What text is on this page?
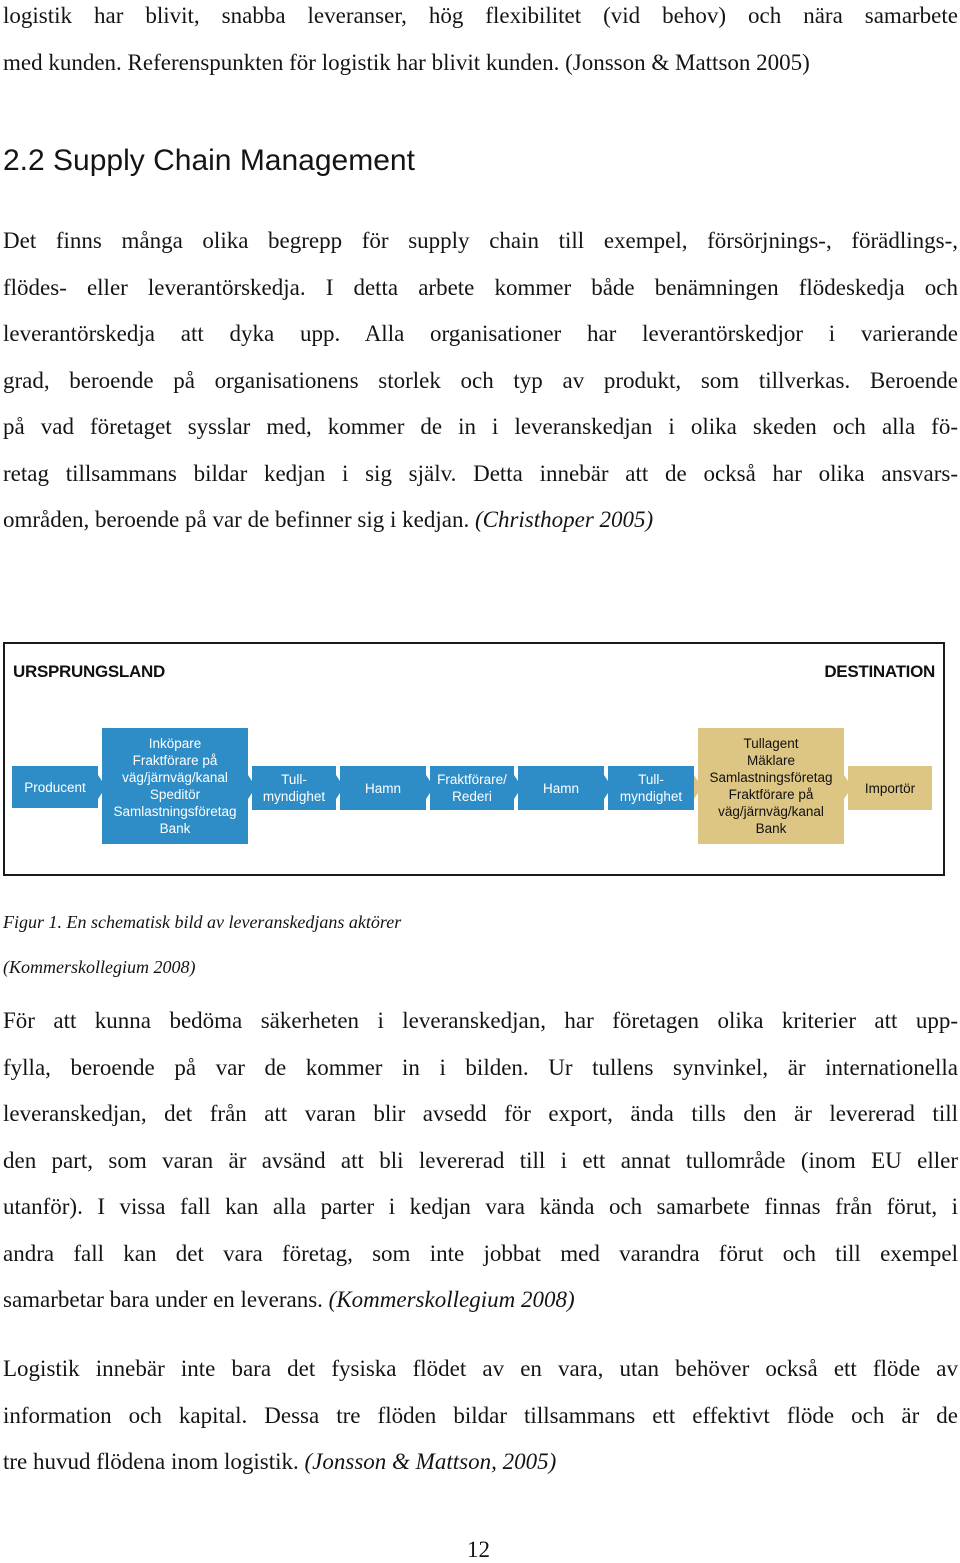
logistik har blivit, snabba leveranser, hög flexibilitet (vid behov) och nära samarbete
med kunden. Referenspunkten för logistik har blivit kunden. (Jonsson & Mattson 2005)
2.2 Supply Chain Management
Det finns många olika begrepp för supply chain till exempel, försörjnings-, förädlings-,
flödes- eller leverantörskedja. I detta arbete kommer både benämningen flödeskedja och
leverantörskedja att dyka upp. Alla organisationer har leverantörskedjor i varierande
grad, beroende på organisationens storlek och typ av produkt, som tillverkas. Beroende
på vad företaget sysslar med, kommer de in i leveranskedjan i olika skeden och alla fö-
retag tillsammans bildar kedjan i sig själv. Detta innebär att de också har olika ansvars-
områden, beroende på var de befinner sig i kedjan. (Christhoper 2005)
URSPRUNGSLAND	DESTINATION
Producent
Inköpare
Fraktförare på
väg/järnväg/kanal
Speditör
Samlastningsföretag
Bank
Tull-
myndighet
Hamn
Fraktförare/
Rederi
Hamn
Tull-
myndighet
Tullagent
Mäklare
Samlastningsföretag
Fraktförare på
väg/järnväg/kanal
Bank
Importör

Figur 1. En schematisk bild av leveranskedjans aktörer

(Kommerskollegium 2008)

För att kunna bedöma säkerheten i leveranskedjan, har företagen olika kriterier att upp-
fylla, beroende på var de kommer in i bilden. Ur tullens synvinkel, är internationella
leveranskedjan, det från att varan blir avsedd för export, ända tills den är levererad till
den part, som varan är avsänd att bli levererad till i ett annat tullområde (inom EU eller
utanför). I vissa fall kan alla parter i kedjan vara kända och samarbete finnas från förut, i
andra fall kan det vara företag, som inte jobbat med varandra förut och till exempel
samarbetar bara under en leverans. (Kommerskollegium 2008)
Logistik innebär inte bara det fysiska flödet av en vara, utan behöver också ett flöde av
information och kapital. Dessa tre flöden bildar tillsammans ett effektivt flöde och är de
tre huvud flödena inom logistik. (Jonsson & Mattson, 2005)
12
